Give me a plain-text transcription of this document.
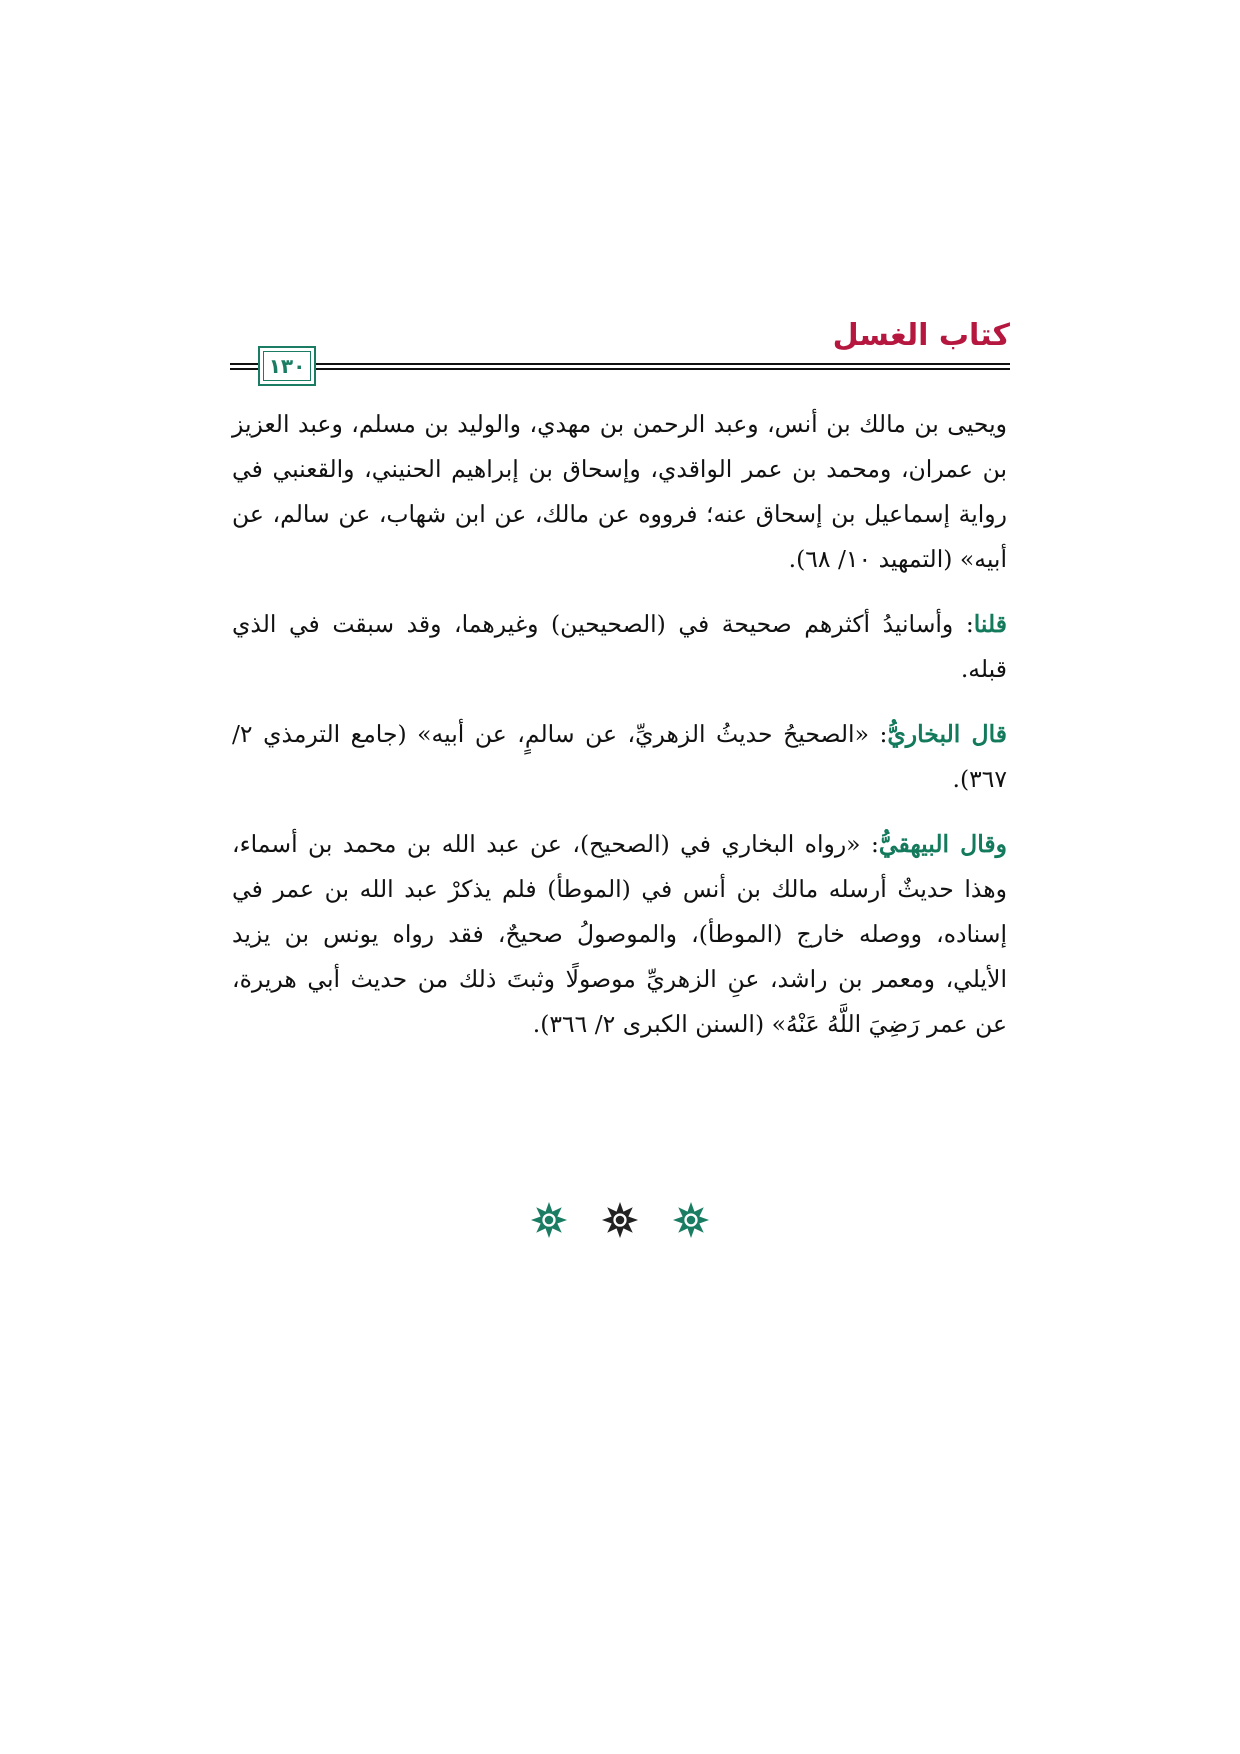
كتاب الغسل
١٣٠

ويحيى بن مالك بن أنس، وعبد الرحمن بن مهدي، والوليد بن مسلم، وعبد العزيز بن عمران، ومحمد بن عمر الواقدي، وإسحاق بن إبراهيم الحنيني، والقعنبي في رواية إسماعيل بن إسحاق عنه؛ فرووه عن مالك، عن ابن شهاب، عن سالم، عن أبيه» (التمهيد ١٠/ ٦٨).

قلنا: وأسانيدُ أكثرهم صحيحة في (الصحيحين) وغيرهما، وقد سبقت في الذي قبله.

قال البخاريُّ: «الصحيحُ حديثُ الزهريِّ، عن سالمٍ، عن أبيه» (جامع الترمذي ٢/ ٣٦٧).

وقال البيهقيُّ: «رواه البخاري في (الصحيح)، عن عبد الله بن محمد بن أسماء، وهذا حديثٌ أرسله مالك بن أنس في (الموطأ) فلم يذكرْ عبد الله بن عمر في إسناده، ووصله خارج (الموطأ)، والموصولُ صحيحٌ، فقد رواه يونس بن يزيد الأيلي، ومعمر بن راشد، عنِ الزهريِّ موصولًا وثبتَ ذلك من حديث أبي هريرة، عن عمر رَضِيَ اللَّهُ عَنْهُ» (السنن الكبرى ٢/ ٣٦٦).
